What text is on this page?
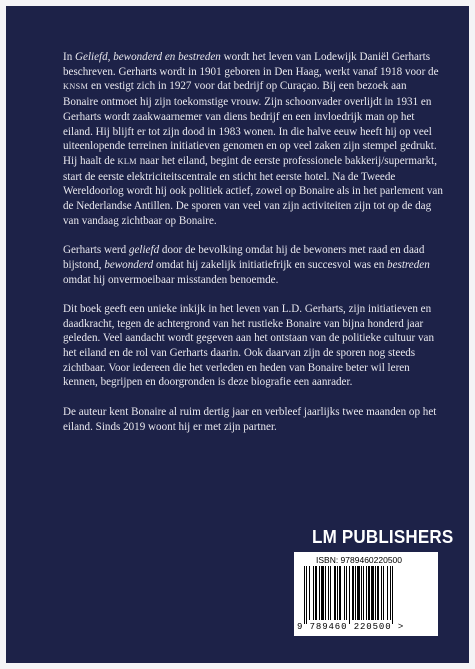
In Geliefd, bewonderd en bestreden wordt het leven van Lodewijk Daniël Gerharts beschreven. Gerharts wordt in 1901 geboren in Den Haag, werkt vanaf 1918 voor de KNSM en vestigt zich in 1927 voor dat bedrijf op Curaçao. Bij een bezoek aan Bonaire ontmoet hij zijn toekomstige vrouw. Zijn schoonvader overlijdt in 1931 en Gerharts wordt zaakwaarnemer van diens bedrijf en een invloedrijk man op het eiland. Hij blijft er tot zijn dood in 1983 wonen. In die halve eeuw heeft hij op veel uiteenlopende terreinen initiatieven genomen en op veel zaken zijn stempel gedrukt. Hij haalt de KLM naar het eiland, begint de eerste professionele bakkerij/supermarkt, start de eerste elektriciteitscentrale en sticht het eerste hotel. Na de Tweede Wereldoorlog wordt hij ook politiek actief, zowel op Bonaire als in het parlement van de Nederlandse Antillen. De sporen van veel van zijn activiteiten zijn tot op de dag van vandaag zichtbaar op Bonaire.

Gerharts werd geliefd door de bevolking omdat hij de bewoners met raad en daad bijstond, bewonderd omdat hij zakelijk initiatiefrijk en succesvol was en bestreden omdat hij onvermoeibaar misstanden benoemde.

Dit boek geeft een unieke inkijk in het leven van L.D. Gerharts, zijn initiatieven en daadkracht, tegen de achtergrond van het rustieke Bonaire van bijna honderd jaar geleden. Veel aandacht wordt gegeven aan het ontstaan van de politieke cultuur van het eiland en de rol van Gerharts daarin. Ook daarvan zijn de sporen nog steeds zichtbaar. Voor iedereen die het verleden en heden van Bonaire beter wil leren kennen, begrijpen en doorgronden is deze biografie een aanrader.

De auteur kent Bonaire al ruim dertig jaar en verbleef jaarlijks twee maanden op het eiland. Sinds 2019 woont hij er met zijn partner.

LM PUBLISHERS
ISBN: 9789460220500
9 789460 220500 >
